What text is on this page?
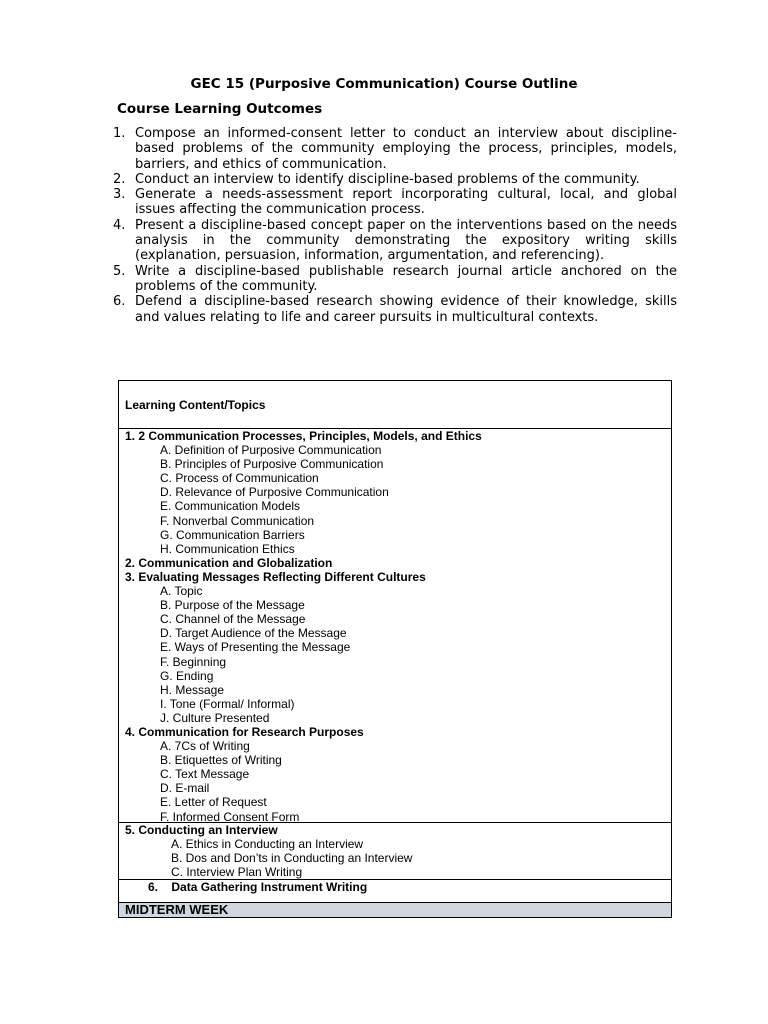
GEC 15 (Purposive Communication) Course Outline
Course Learning Outcomes
1. Compose an informed-consent letter to conduct an interview about discipline-based problems of the community employing the process, principles, models, barriers, and ethics of communication.
2. Conduct an interview to identify discipline-based problems of the community.
3. Generate a needs-assessment report incorporating cultural, local, and global issues affecting the communication process.
4. Present a discipline-based concept paper on the interventions based on the needs analysis in the community demonstrating the expository writing skills (explanation, persuasion, information, argumentation, and referencing).
5. Write a discipline-based publishable research journal article anchored on the problems of the community.
6. Defend a discipline-based research showing evidence of their knowledge, skills and values relating to life and career pursuits in multicultural contexts.
Learning Content/Topics
1. 2 Communication Processes, Principles, Models, and Ethics
A. Definition of Purposive Communication
B. Principles of Purposive Communication
C. Process of Communication
D. Relevance of Purposive Communication
E. Communication Models
F. Nonverbal Communication
G. Communication Barriers
H. Communication Ethics
2. Communication and Globalization
3. Evaluating Messages Reflecting Different Cultures
A. Topic
B. Purpose of the Message
C. Channel of the Message
D. Target Audience of the Message
E. Ways of Presenting the Message
F. Beginning
G. Ending
H. Message
I. Tone (Formal/ Informal)
J. Culture Presented
4. Communication for Research Purposes
A. 7Cs of Writing
B. Etiquettes of Writing
C. Text Message
D. E-mail
E. Letter of Request
F. Informed Consent Form
5. Conducting an Interview
A. Ethics in Conducting an Interview
B. Dos and Don’ts in Conducting an Interview
C. Interview Plan Writing
6. Data Gathering Instrument Writing
MIDTERM WEEK
